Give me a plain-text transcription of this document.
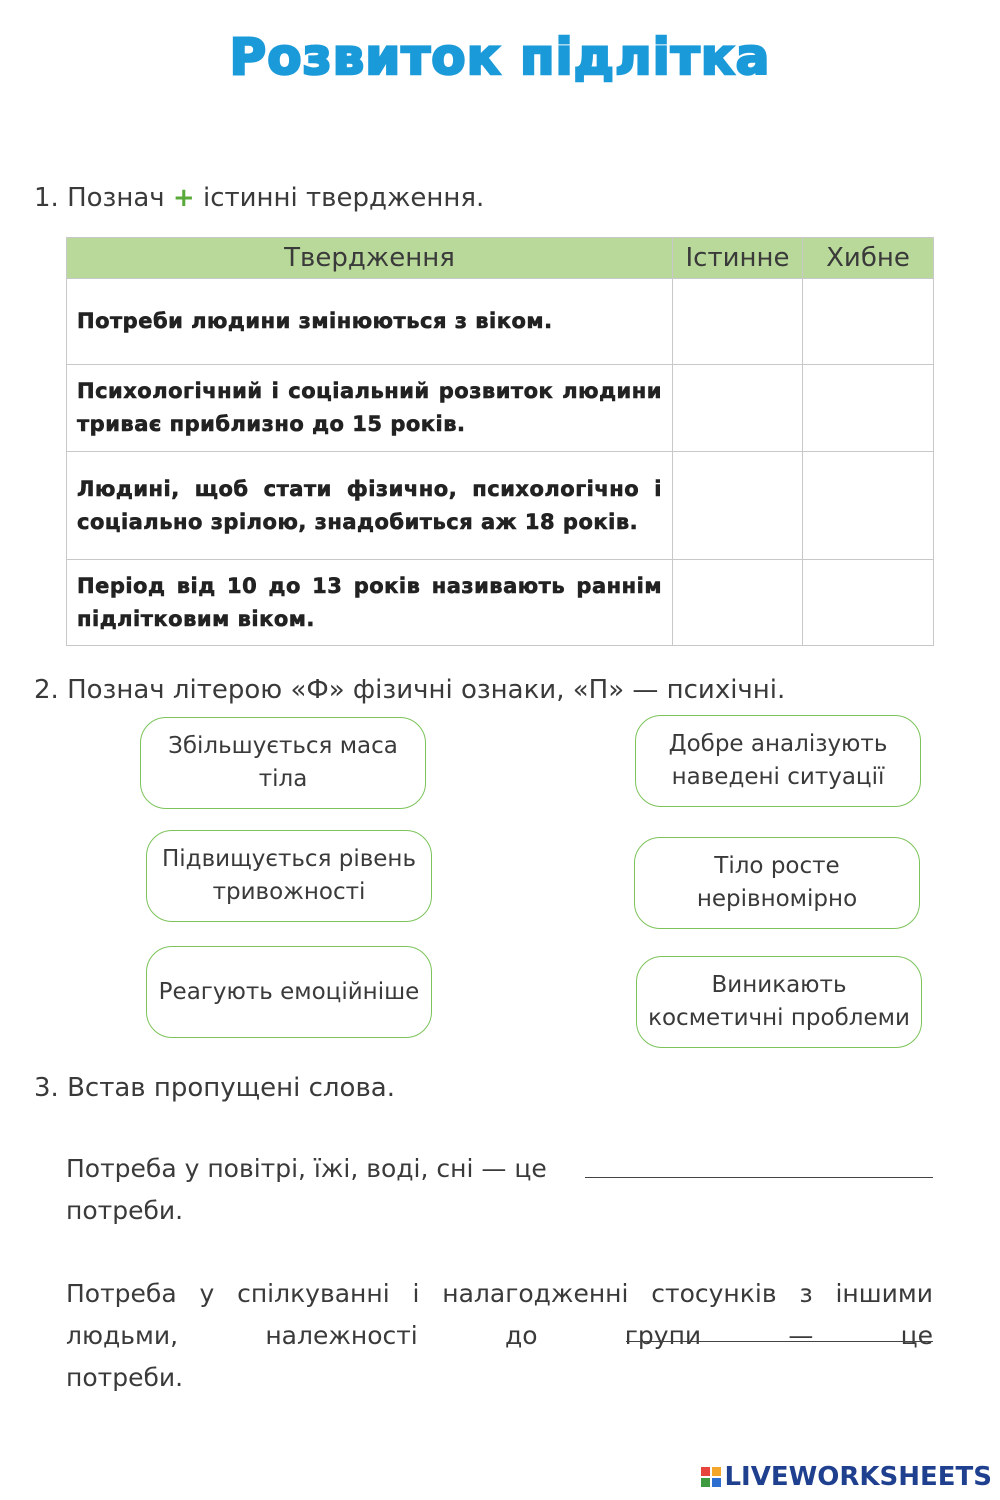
Розвиток підлітка
1. Познач + істинні твердження.
Твердження	Істинне	Хибне
Потреби людини змінюються з віком.		
Психологічний і соціальний розвиток людини триває приблизно до 15 років.		
Людині, щоб стати фізично, психологічно і соціально зрілою, знадобиться аж 18 років.		
Період від 10 до 13 років називають раннім підлітковим віком.		
2. Познач літерою «Ф» фізичні ознаки, «П» — психічні.
Збільшується маса тіла
Добре аналізують наведені ситуації
Підвищується рівень тривожності
Тіло росте нерівномірно
Реагують емоційніше	Виникають косметичні проблеми
3. Встав пропущені слова.
Потреба у повітрі, їжі, воді, сні — це
потреби.
Потреба у спілкуванні і налагодженні стосунків з іншими людьми, належності до групи — це потреби.
LIVEWORKSHEETS
